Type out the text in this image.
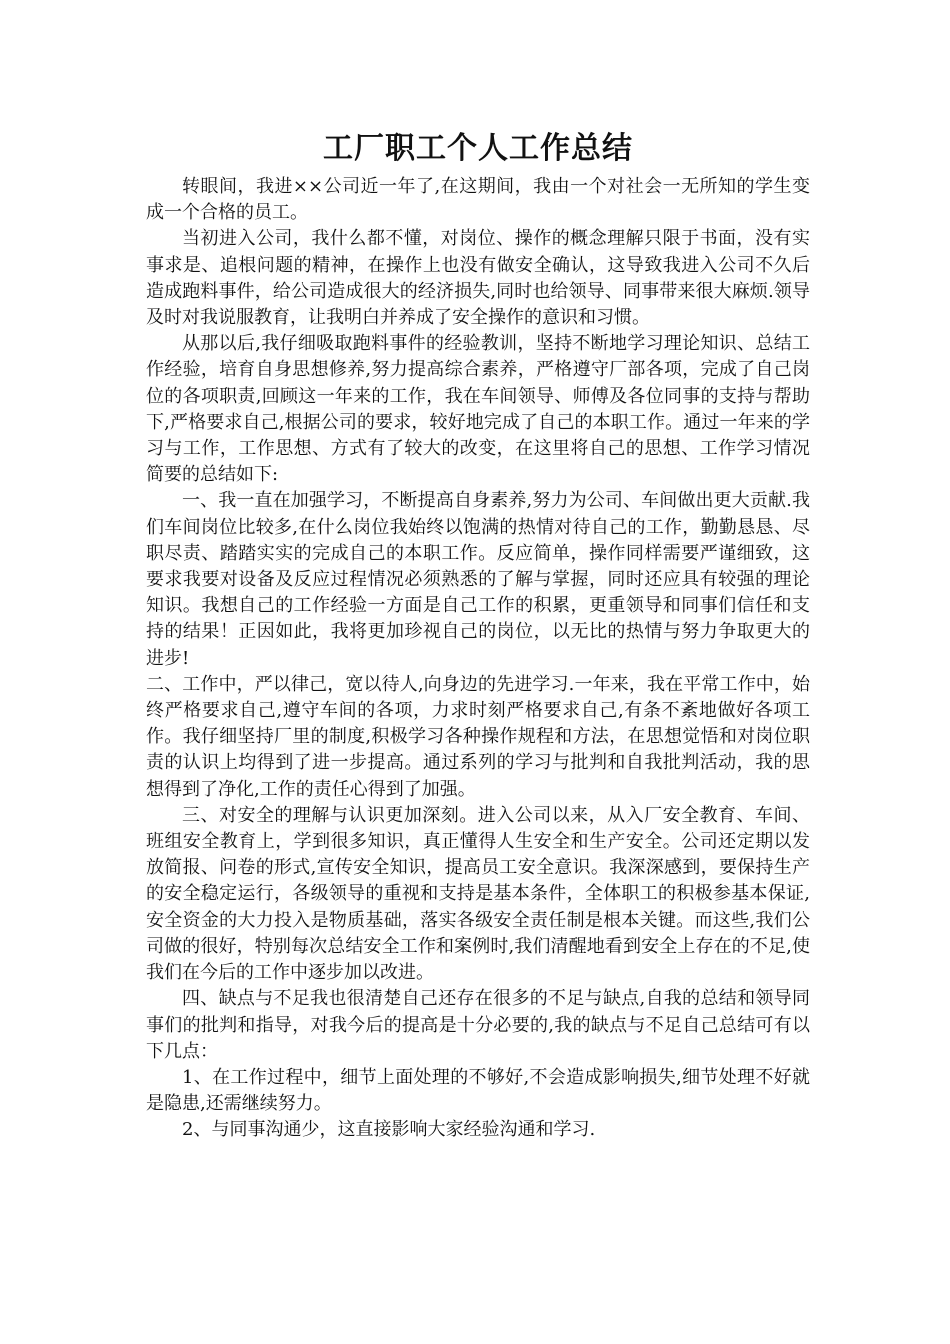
工厂职工个人工作总结

转眼间，我进××公司近一年了,在这期间，我由一个对社会一无所知的学生变成一个合格的员工。

当初进入公司，我什么都不懂，对岗位、操作的概念理解只限于书面，没有实事求是、追根问题的精神，在操作上也没有做安全确认，这导致我进入公司不久后造成跑料事件，给公司造成很大的经济损失,同时也给领导、同事带来很大麻烦.领导及时对我说服教育，让我明白并养成了安全操作的意识和习惯。

从那以后,我仔细吸取跑料事件的经验教训，坚持不断地学习理论知识、总结工作经验，培育自身思想修养,努力提高综合素养，严格遵守厂部各项，完成了自己岗位的各项职责,回顾这一年来的工作，我在车间领导、师傅及各位同事的支持与帮助下,严格要求自己,根据公司的要求，较好地完成了自己的本职工作。通过一年来的学习与工作，工作思想、方式有了较大的改变，在这里将自己的思想、工作学习情况简要的总结如下:

一、我一直在加强学习，不断提高自身素养,努力为公司、车间做出更大贡献.我们车间岗位比较多,在什么岗位我始终以饱满的热情对待自己的工作，勤勤恳恳、尽职尽责、踏踏实实的完成自己的本职工作。反应简单，操作同样需要严谨细致，这要求我要对设备及反应过程情况必须熟悉的了解与掌握，同时还应具有较强的理论知识。我想自己的工作经验一方面是自己工作的积累，更重领导和同事们信任和支持的结果！正因如此，我将更加珍视自己的岗位，以无比的热情与努力争取更大的进步!

二、工作中，严以律己，宽以待人,向身边的先进学习.一年来，我在平常工作中，始终严格要求自己,遵守车间的各项，力求时刻严格要求自己,有条不紊地做好各项工作。我仔细坚持厂里的制度,积极学习各种操作规程和方法，在思想觉悟和对岗位职责的认识上均得到了进一步提高。通过系列的学习与批判和自我批判活动，我的思想得到了净化,工作的责任心得到了加强。

三、对安全的理解与认识更加深刻。进入公司以来，从入厂安全教育、车间、班组安全教育上，学到很多知识，真正懂得人生安全和生产安全。公司还定期以发放简报、问卷的形式,宣传安全知识，提高员工安全意识。我深深感到，要保持生产的安全稳定运行，各级领导的重视和支持是基本条件，全体职工的积极参基本保证,安全资金的大力投入是物质基础，落实各级安全责任制是根本关键。而这些,我们公司做的很好，特别每次总结安全工作和案例时,我们清醒地看到安全上存在的不足,使我们在今后的工作中逐步加以改进。

四、缺点与不足我也很清楚自己还存在很多的不足与缺点,自我的总结和领导同事们的批判和指导，对我今后的提高是十分必要的,我的缺点与不足自己总结可有以下几点：

1、在工作过程中，细节上面处理的不够好,不会造成影响损失,细节处理不好就是隐患,还需继续努力。

2、与同事沟通少，这直接影响大家经验沟通和学习.
